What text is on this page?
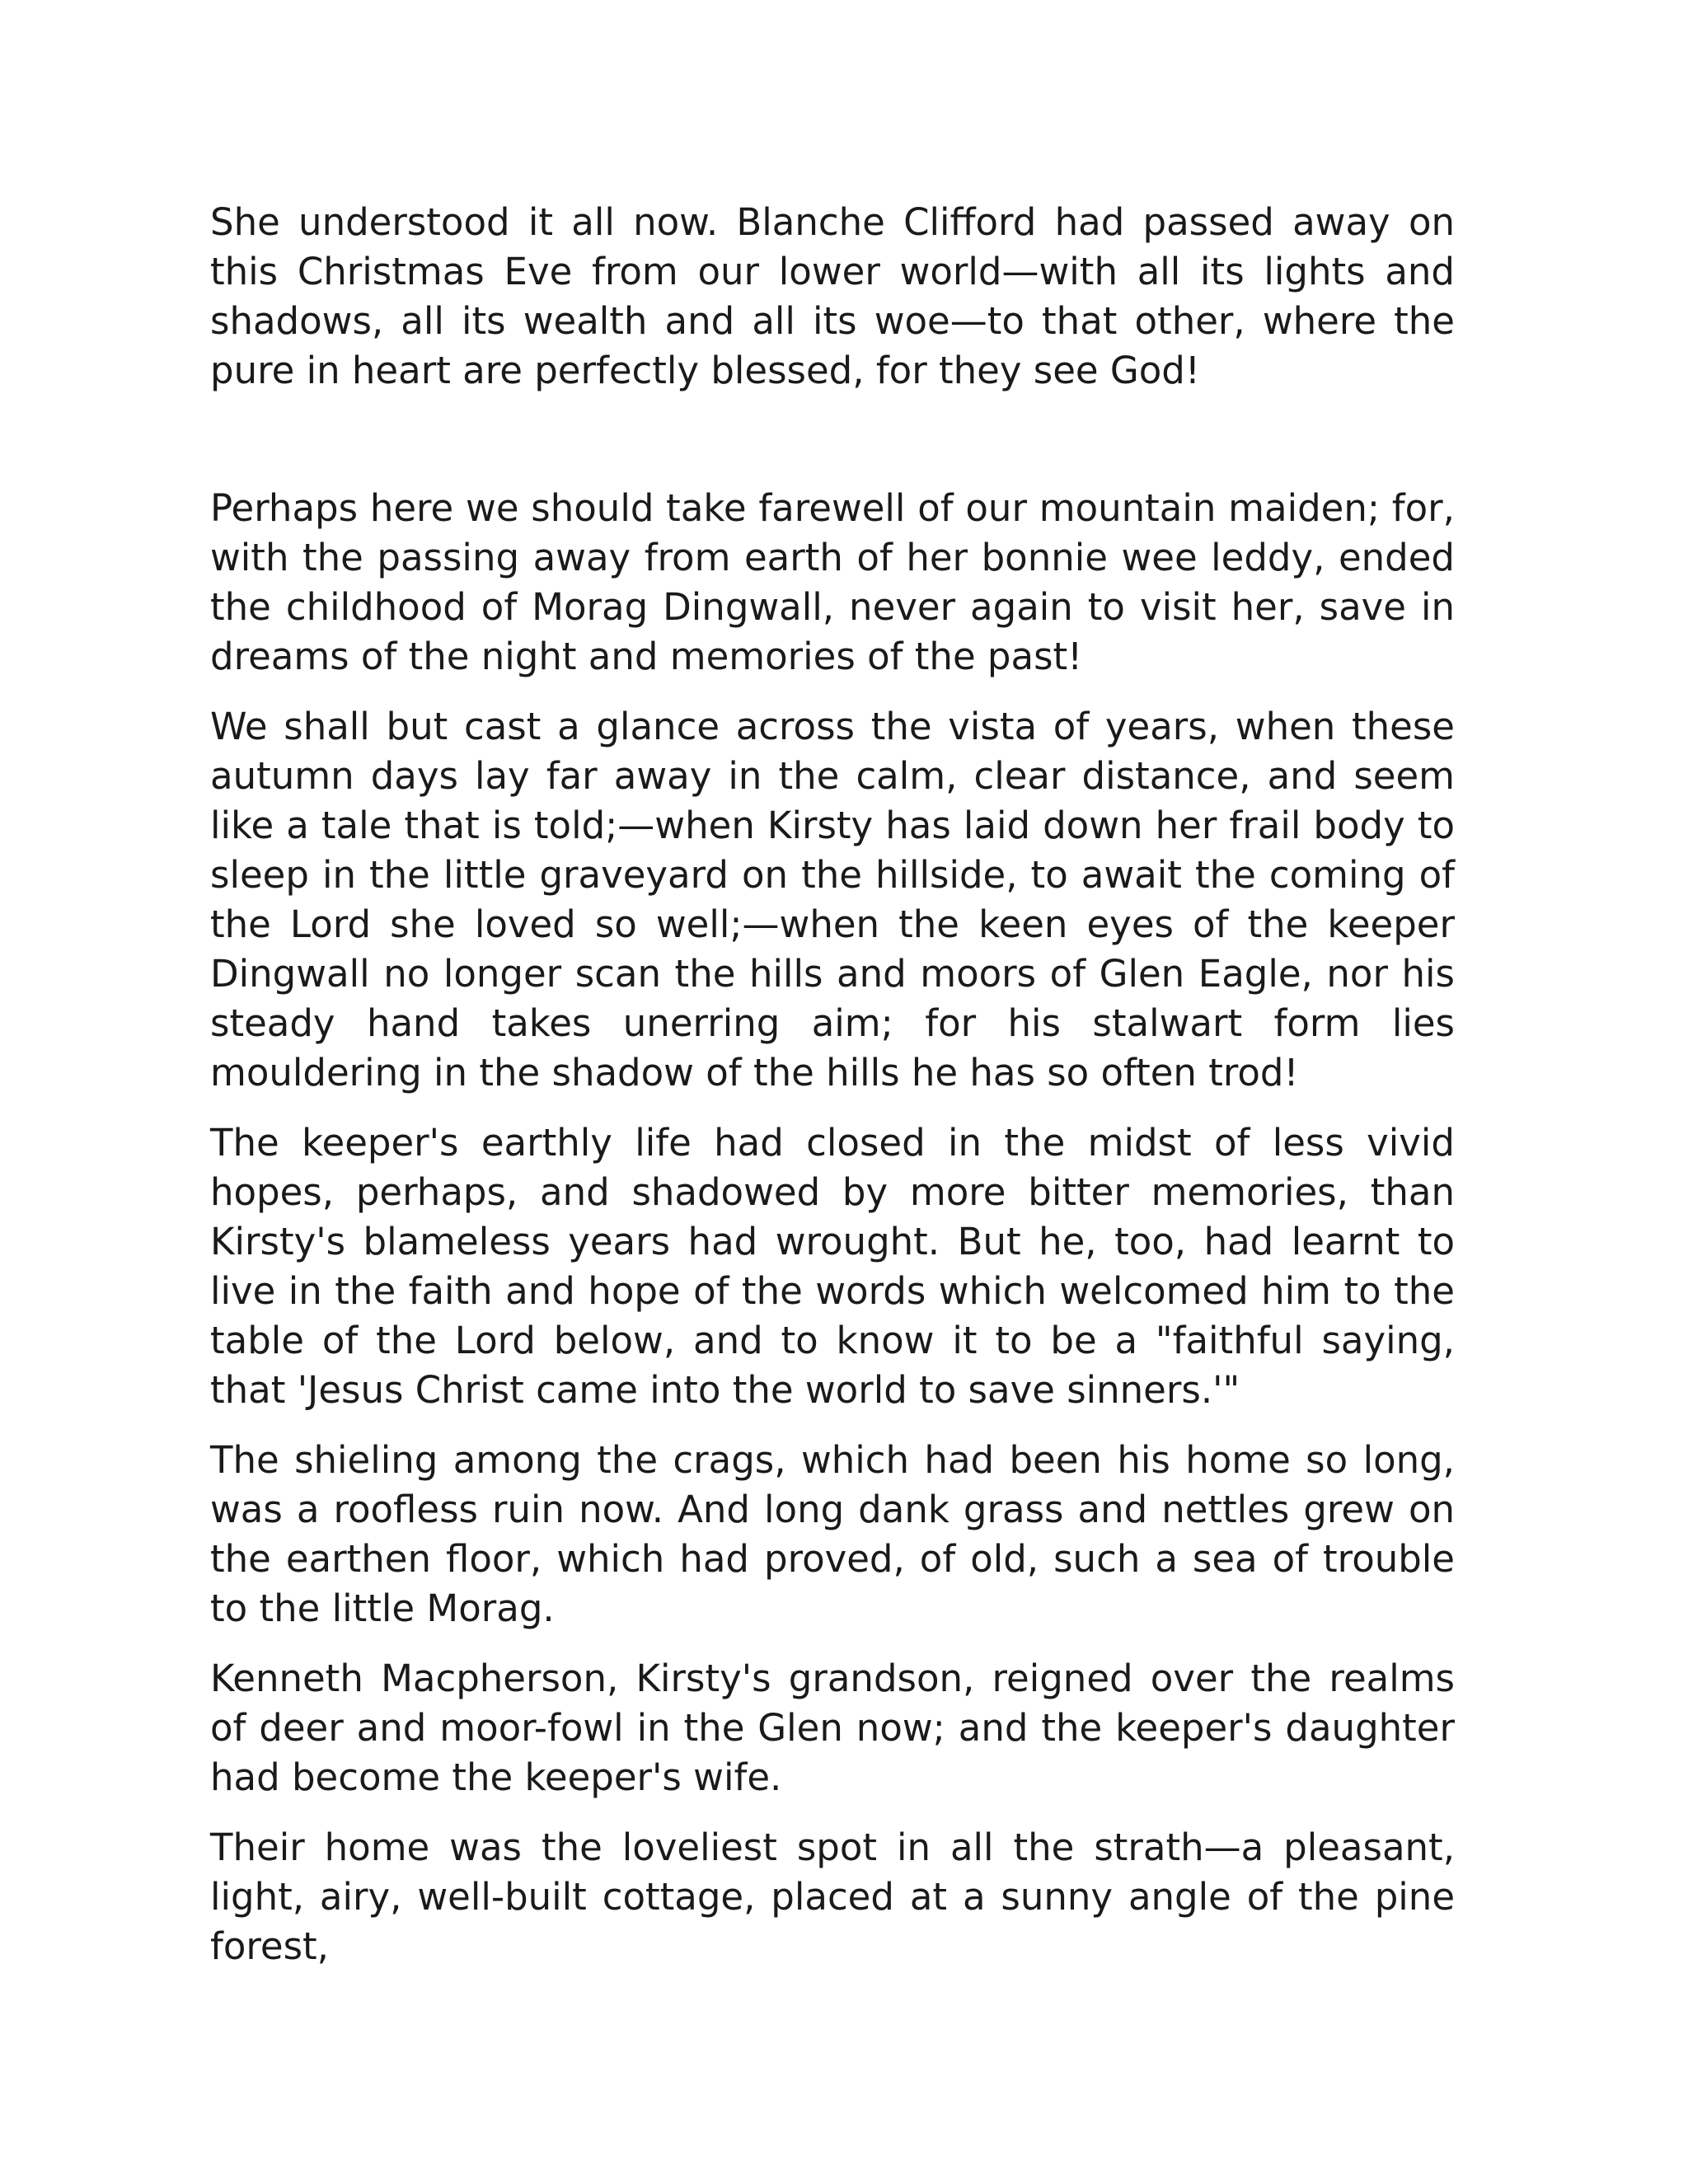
She understood it all now. Blanche Clifford had passed away on this Christmas Eve from our lower world—with all its lights and shadows, all its wealth and all its woe—to that other, where the pure in heart are perfectly blessed, for they see God!

Perhaps here we should take farewell of our mountain maiden; for, with the passing away from earth of her bonnie wee leddy, ended the childhood of Morag Dingwall, never again to visit her, save in dreams of the night and memories of the past!

We shall but cast a glance across the vista of years, when these autumn days lay far away in the calm, clear distance, and seem like a tale that is told;—when Kirsty has laid down her frail body to sleep in the little graveyard on the hillside, to await the coming of the Lord she loved so well;—when the keen eyes of the keeper Dingwall no longer scan the hills and moors of Glen Eagle, nor his steady hand takes unerring aim; for his stalwart form lies mouldering in the shadow of the hills he has so often trod!

The keeper's earthly life had closed in the midst of less vivid hopes, perhaps, and shadowed by more bitter memories, than Kirsty's blameless years had wrought. But he, too, had learnt to live in the faith and hope of the words which welcomed him to the table of the Lord below, and to know it to be a "faithful saying, that 'Jesus Christ came into the world to save sinners.'"

The shieling among the crags, which had been his home so long, was a roofless ruin now. And long dank grass and nettles grew on the earthen floor, which had proved, of old, such a sea of trouble to the little Morag.

Kenneth Macpherson, Kirsty's grandson, reigned over the realms of deer and moor-fowl in the Glen now; and the keeper's daughter had become the keeper's wife.

Their home was the loveliest spot in all the strath—a pleasant, light, airy, well-built cottage, placed at a sunny angle of the pine forest,
